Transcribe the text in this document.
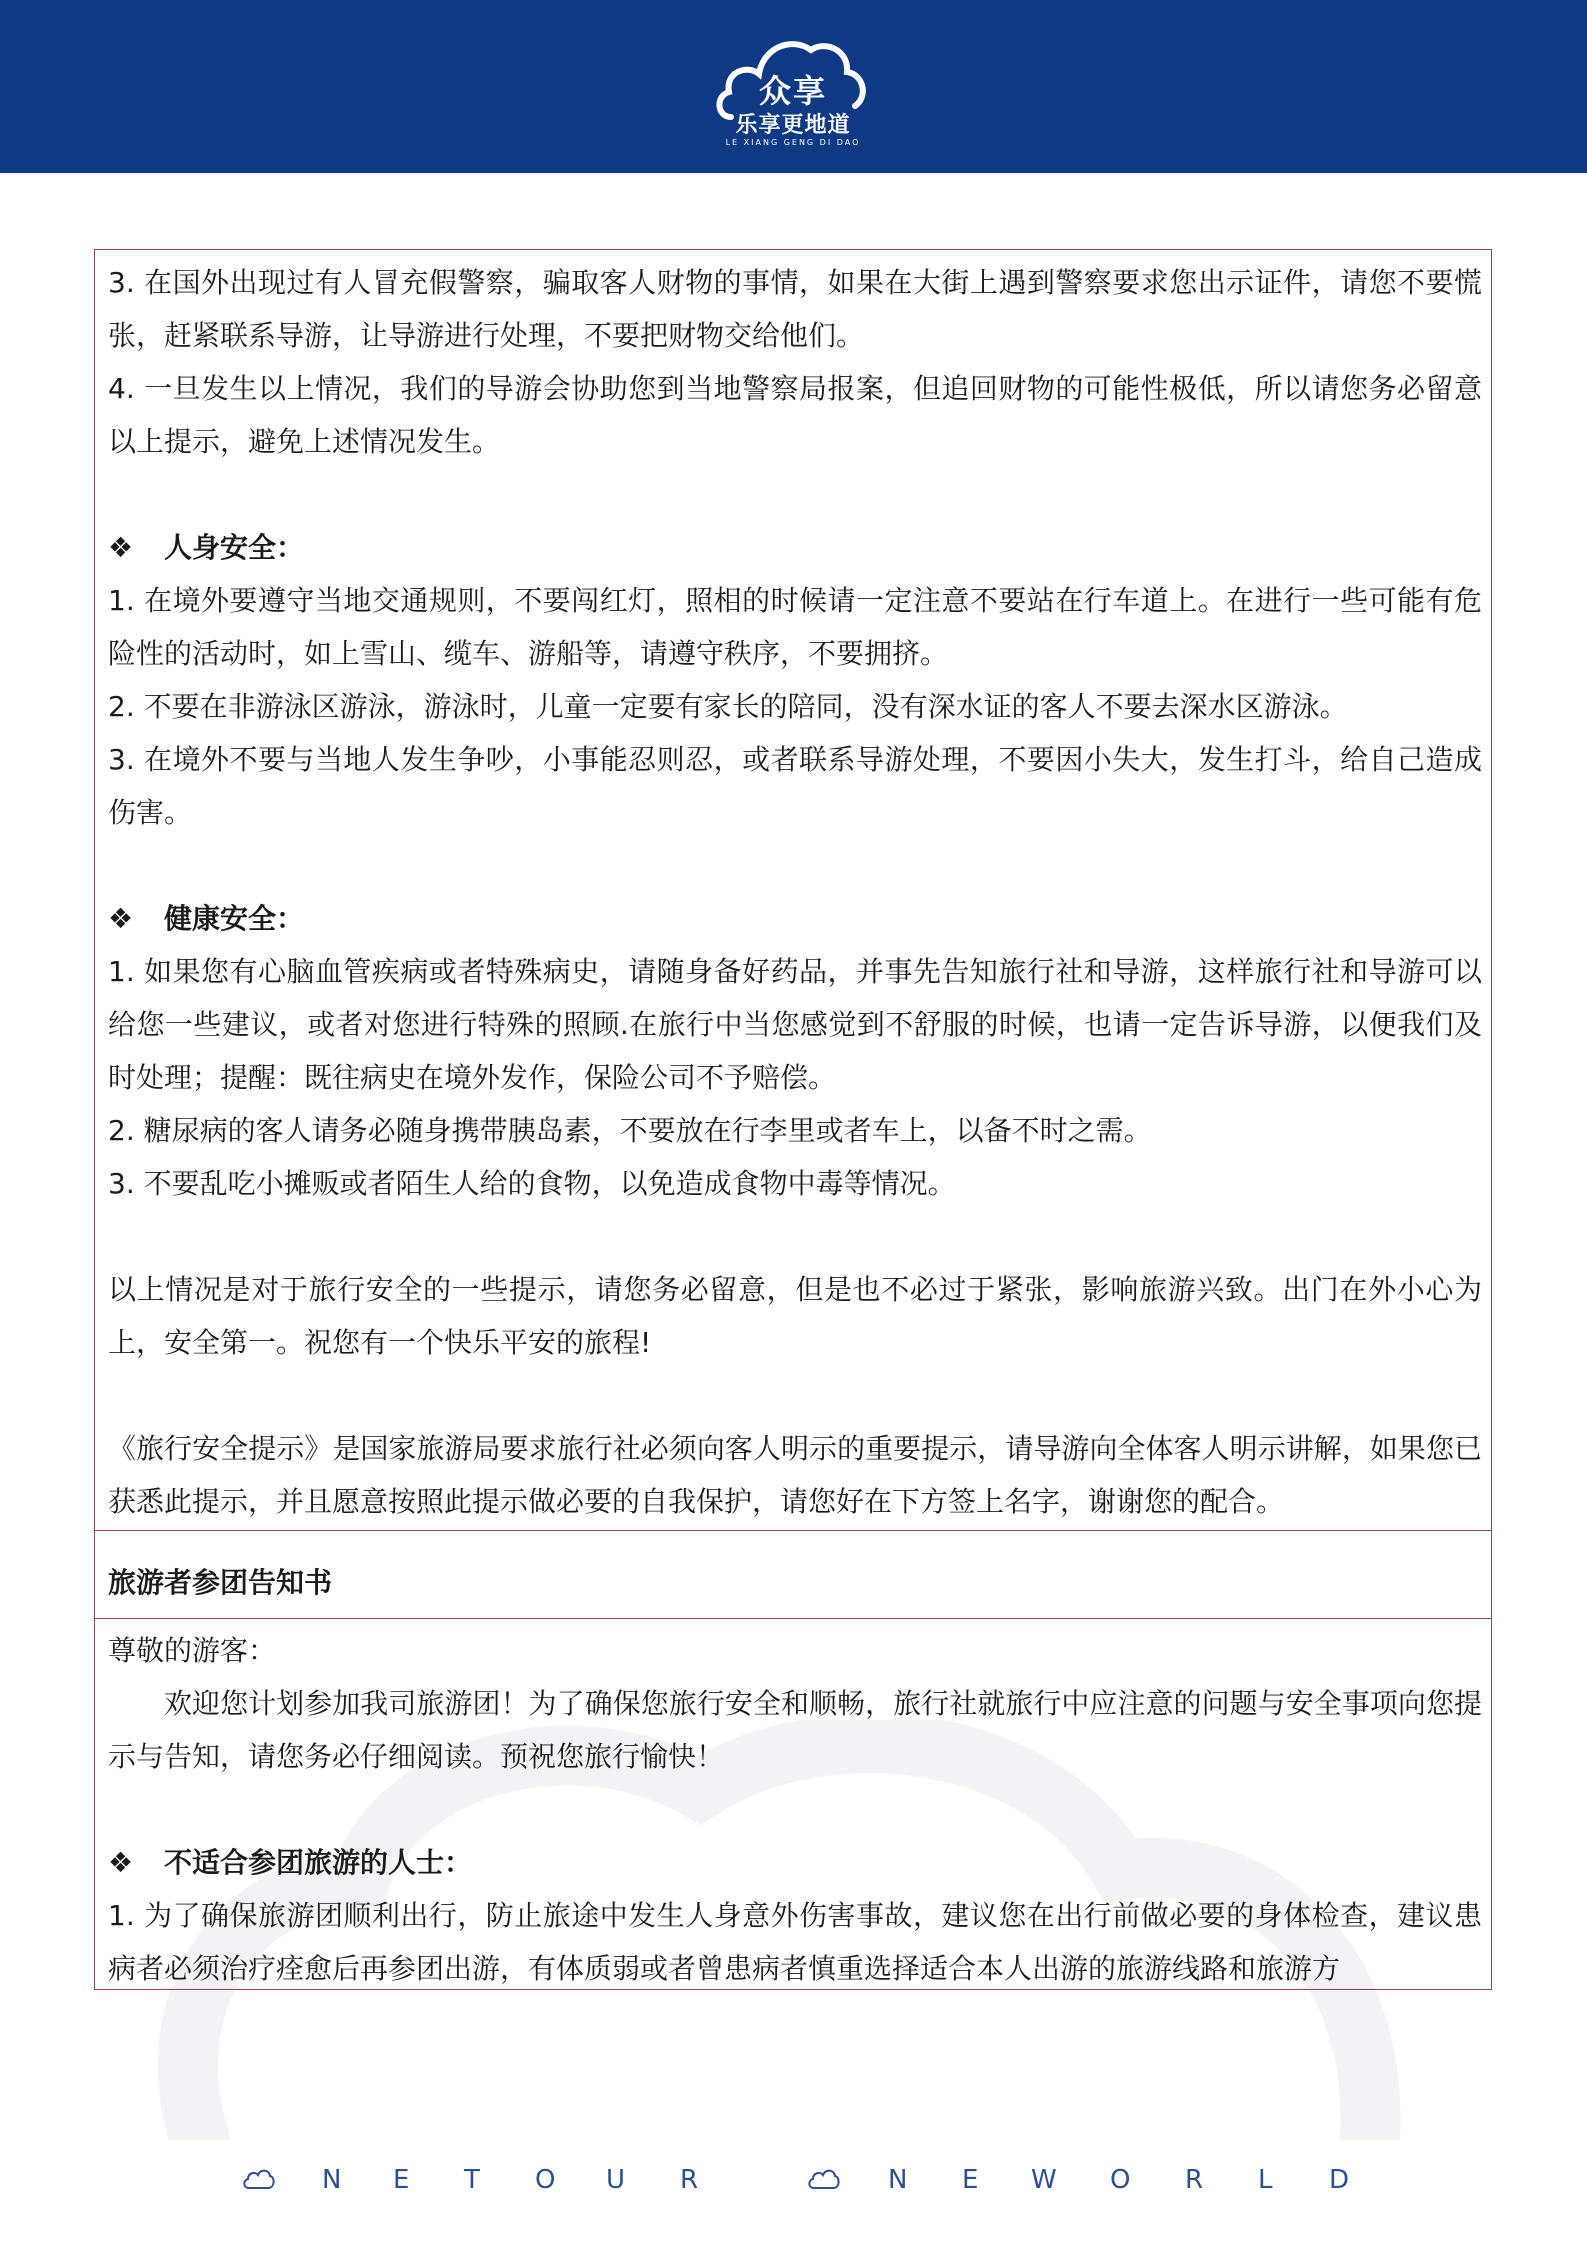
众享
乐享更地道
LE XIANG GENG DI DAO

3. 在国外出现过有人冒充假警察，骗取客人财物的事情，如果在大街上遇到警察要求您出示证件，请您不要慌张，赶紧联系导游，让导游进行处理，不要把财物交给他们。

4. 一旦发生以上情况，我们的导游会协助您到当地警察局报案，但追回财物的可能性极低，所以请您务必留意以上提示，避免上述情况发生。

❖ 人身安全：

1. 在境外要遵守当地交通规则，不要闯红灯，照相的时候请一定注意不要站在行车道上。在进行一些可能有危险性的活动时，如上雪山、缆车、游船等，请遵守秩序，不要拥挤。

2. 不要在非游泳区游泳，游泳时，儿童一定要有家长的陪同，没有深水证的客人不要去深水区游泳。

3. 在境外不要与当地人发生争吵，小事能忍则忍，或者联系导游处理，不要因小失大，发生打斗，给自己造成伤害。

❖ 健康安全：

1. 如果您有心脑血管疾病或者特殊病史，请随身备好药品，并事先告知旅行社和导游，这样旅行社和导游可以给您一些建议，或者对您进行特殊的照顾.在旅行中当您感觉到不舒服的时候，也请一定告诉导游，以便我们及时处理；提醒：既往病史在境外发作，保险公司不予赔偿。

2. 糖尿病的客人请务必随身携带胰岛素，不要放在行李里或者车上，以备不时之需。

3. 不要乱吃小摊贩或者陌生人给的食物，以免造成食物中毒等情况。

以上情况是对于旅行安全的一些提示，请您务必留意，但是也不必过于紧张，影响旅游兴致。出门在外小心为上，安全第一。祝您有一个快乐平安的旅程!

《旅行安全提示》是国家旅游局要求旅行社必须向客人明示的重要提示，请导游向全体客人明示讲解，如果您已获悉此提示，并且愿意按照此提示做必要的自我保护，请您好在下方签上名字，谢谢您的配合。

旅游者参团告知书

尊敬的游客：

欢迎您计划参加我司旅游团！为了确保您旅行安全和顺畅，旅行社就旅行中应注意的问题与安全事项向您提示与告知，请您务必仔细阅读。预祝您旅行愉快！

❖ 不适合参团旅游的人士：

1. 为了确保旅游团顺利出行，防止旅途中发生人身意外伤害事故，建议您在出行前做必要的身体检查，建议患病者必须治疗痊愈后再参团出游，有体质弱或者曾患病者慎重选择适合本人出游的旅游线路和旅游方

N E T O U R	N E W O R L D
